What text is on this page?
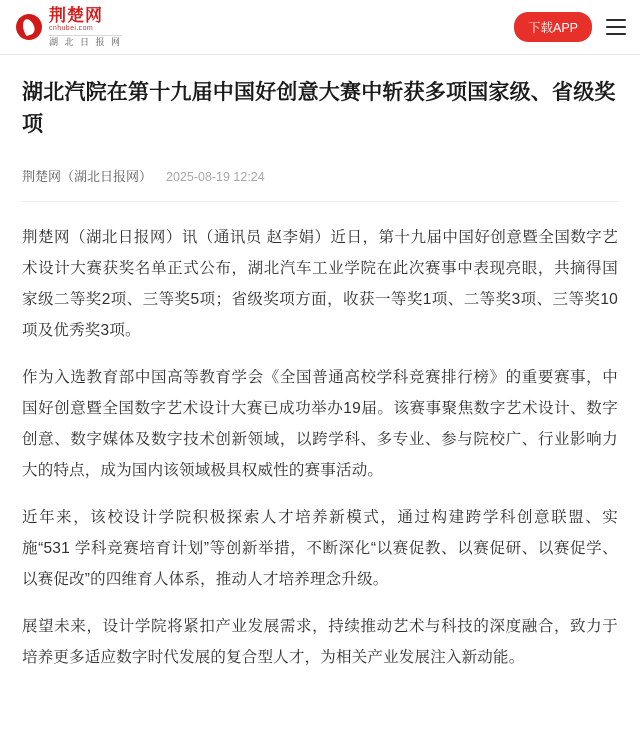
荆楚网
cnhubei.com
湖 北 日 报 网
下载APP
湖北汽院在第十九届中国好创意大赛中斩获多项国家级、省级奖项
荆楚网（湖北日报网） 2025-08-19 12:24

荆楚网（湖北日报网）讯（通讯员 赵李娟）近日，第十九届中国好创意暨全国数字艺术设计大赛获奖名单正式公布，湖北汽车工业学院在此次赛事中表现亮眼，共摘得国家级二等奖2项、三等奖5项；省级奖项方面，收获一等奖1项、二等奖3项、三等奖10项及优秀奖3项。

作为入选教育部中国高等教育学会《全国普通高校学科竞赛排行榜》的重要赛事，中国好创意暨全国数字艺术设计大赛已成功举办19届。该赛事聚焦数字艺术设计、数字创意、数字媒体及数字技术创新领域，以跨学科、多专业、参与院校广、行业影响力大的特点，成为国内该领域极具权威性的赛事活动。

近年来，该校设计学院积极探索人才培养新模式，通过构建跨学科创意联盟、实施“531 学科竞赛培育计划”等创新举措，不断深化“以赛促教、以赛促研、以赛促学、以赛促改”的四维育人体系，推动人才培养理念升级。

展望未来，设计学院将紧扣产业发展需求，持续推动艺术与科技的深度融合，致力于培养更多适应数字时代发展的复合型人才，为相关产业发展注入新动能。
